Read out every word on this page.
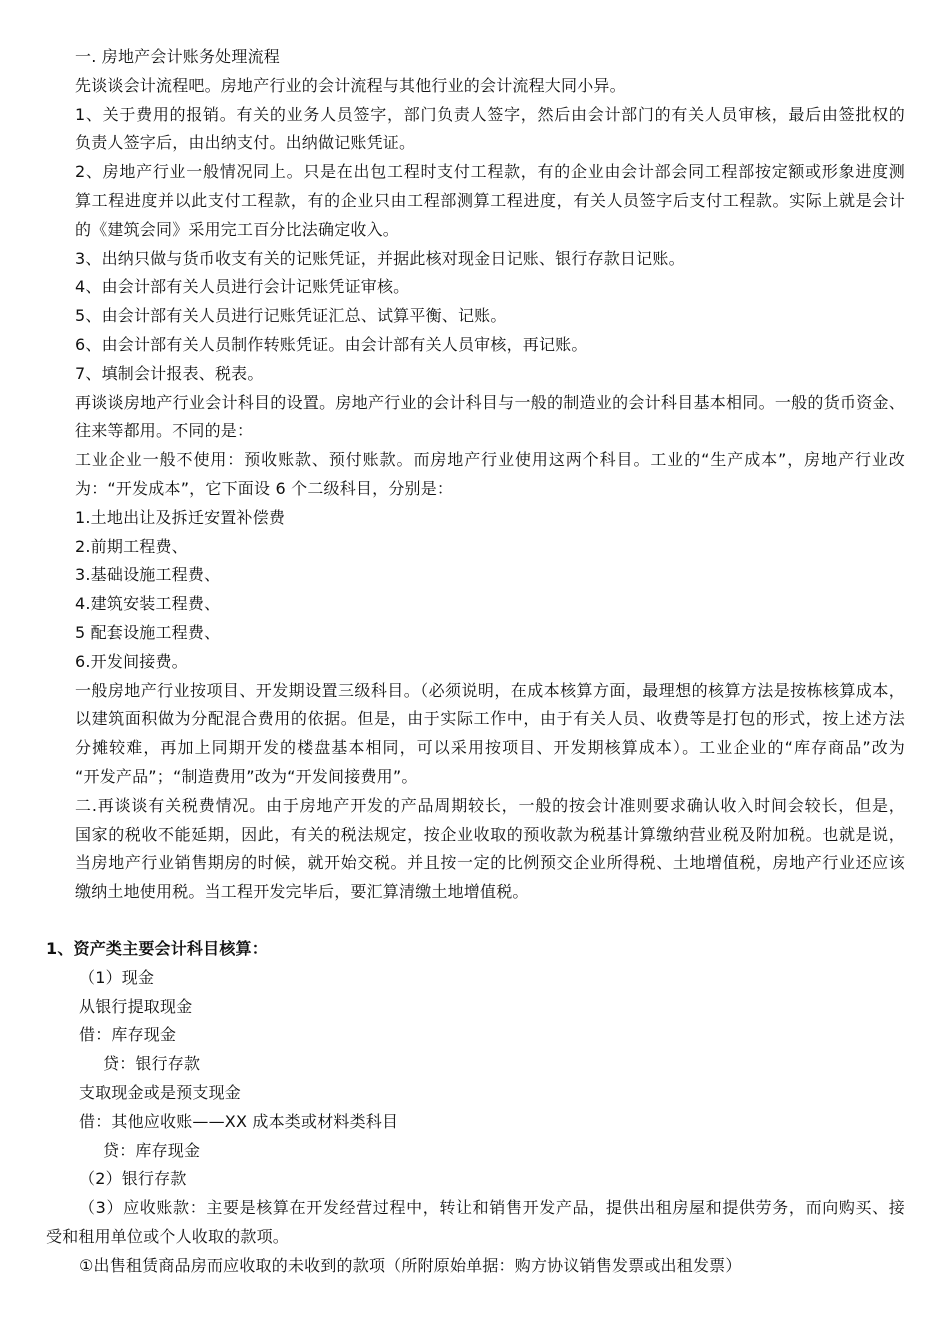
一. 房地产会计账务处理流程
先谈谈会计流程吧。房地产行业的会计流程与其他行业的会计流程大同小异。
1、关于费用的报销。有关的业务人员签字，部门负责人签字，然后由会计部门的有关人员审核，最后由签批权的
负责人签字后，由出纳支付。出纳做记账凭证。
2、房地产行业一般情况同上。只是在出包工程时支付工程款，有的企业由会计部会同工程部按定额或形象进度测
算工程进度并以此支付工程款，有的企业只由工程部测算工程进度，有关人员签字后支付工程款。实际上就是会计
的《建筑会同》采用完工百分比法确定收入。
3、出纳只做与货币收支有关的记账凭证，并据此核对现金日记账、银行存款日记账。
4、由会计部有关人员进行会计记账凭证审核。
5、由会计部有关人员进行记账凭证汇总、试算平衡、记账。
6、由会计部有关人员制作转账凭证。由会计部有关人员审核，再记账。
7、填制会计报表、税表。
再谈谈房地产行业会计科目的设置。房地产行业的会计科目与一般的制造业的会计科目基本相同。一般的货币资金、
往来等都用。不同的是：
工业企业一般不使用：预收账款、预付账款。而房地产行业使用这两个科目。工业的“生产成本”，房地产行业改
为：“开发成本”，它下面设 6 个二级科目，分别是：
1.土地出让及拆迁安置补偿费
2.前期工程费、
3.基础设施工程费、
4.建筑安装工程费、
5 配套设施工程费、
6.开发间接费。
一般房地产行业按项目、开发期设置三级科目。（必须说明，在成本核算方面，最理想的核算方法是按栋核算成本，
以建筑面积做为分配混合费用的依据。但是，由于实际工作中，由于有关人员、收费等是打包的形式，按上述方法
分摊较难，再加上同期开发的楼盘基本相同，可以采用按项目、开发期核算成本）。工业企业的“库存商品”改为
“开发产品”；“制造费用”改为“开发间接费用”。
二.再谈谈有关税费情况。由于房地产开发的产品周期较长，一般的按会计准则要求确认收入时间会较长，但是，
国家的税收不能延期，因此，有关的税法规定，按企业收取的预收款为税基计算缴纳营业税及附加税。也就是说，
当房地产行业销售期房的时候，就开始交税。并且按一定的比例预交企业所得税、土地增值税，房地产行业还应该
缴纳土地使用税。当工程开发完毕后，要汇算清缴土地增值税。
1、资产类主要会计科目核算：
（1）现金
从银行提取现金
借：库存现金
贷：银行存款
支取现金或是预支现金
借：其他应收账——XX 成本类或材料类科目
贷：库存现金
（2）银行存款
（3）应收账款：主要是核算在开发经营过程中，转让和销售开发产品，提供出租房屋和提供劳务，而向购买、接
受和租用单位或个人收取的款项。
①出售租赁商品房而应收取的未收到的款项（所附原始单据：购方协议销售发票或出租发票）
